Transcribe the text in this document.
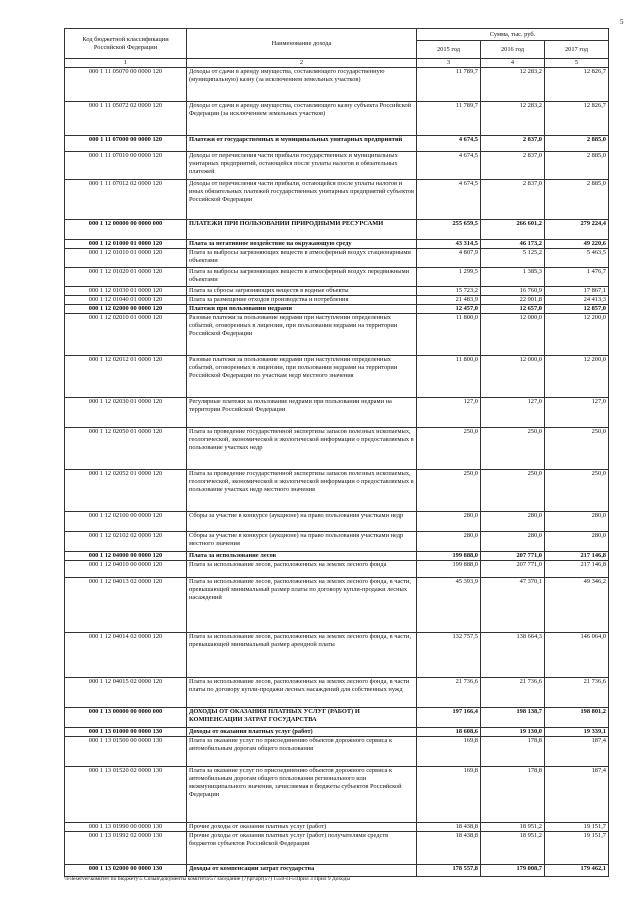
5
Код бюджетной классификации Российской Федерации	Наименование дохода	Сумма, тыс. руб.		
		2015 год	2016 год	2017 год
1	2	3	4	5
000 1 11 05070 00 0000 120	Доходы от сдачи в аренду имущества, составляющего государственную (муниципальную) казну (за исключением земельных участков)	11 789,7	12 283,2	12 826,7
000 1 11 05072 02 0000 120	Доходы от сдачи в аренду имущества, составляющего казну субъекта Российской Федерации (за исключением земельных участков)	11 789,7	12 283,2	12 826,7
000 1 11 07000 00 0000 120	Платежи от государственных и муниципальных унитарных предприятий	4 674,5	2 837,0	2 885,0
000 1 11 07010 00 0000 120	Доходы от перечисления части прибыли государственных и муниципальных унитарных предприятий, остающейся после уплаты налогов и обязательных платежей	4 674,5	2 837,0	2 885,0
000 1 11 07012 02 0000 120	Доходы от перечисления части прибыли, остающейся после уплаты налогов и иных обязательных платежей государственных унитарных предприятий субъектов Российской Федерации	4 674,5	2 837,0	2 885,0
000 1 12 00000 00 0000 000	ПЛАТЕЖИ ПРИ ПОЛЬЗОВАНИИ ПРИРОДНЫМИ РЕСУРСАМИ	255 659,5	266 601,2	279 224,4
000 1 12 01000 01 0000 120	Плата за негативное воздействие на окружающую среду	43 314,5	46 173,2	49 220,6
000 1 12 01010 01 0000 120	Плата за выбросы загрязняющих веществ в атмосферный воздух стационарными объектами	4 807,9	5 125,2	5 463,5
000 1 12 01020 01 0000 120	Плата за выбросы загрязняющих веществ в атмосферный воздух передвижными объектами	1 299,5	1 385,3	1 476,7
000 1 12 01030 01 0000 120	Плата за сбросы загрязняющих веществ в водные объекты	15 723,2	16 760,9	17 867,1
000 1 12 01040 01 0000 120	Плата за размещение отходов производства и потребления	21 483,9	22 901,8	24 413,3
000 1 12 02000 00 0000 120	Платежи при пользовании недрами	12 457,0	12 657,0	12 857,0
000 1 12 02010 01 0000 120	Разовые платежи за пользование недрами при наступлении определенных событий, оговоренных в лицензии, при пользовании недрами на территории Российской Федерации	11 800,0	12 000,0	12 200,0
000 1 12 02012 01 0000 120	Разовые платежи за пользование недрами при наступлении определенных событий, оговоренных в лицензии, при пользовании недрами на территории Российской Федерации по участкам недр местного значения	11 800,0	12 000,0	12 200,0
000 1 12 02030 01 0000 120	Регулярные платежи за пользование недрами при пользовании недрами на территории Российской Федерации	127,0	127,0	127,0
000 1 12 02050 01 0000 120	Плата за проведение государственной экспертизы запасов полезных ископаемых, геологической, экономической и экологической информации о предоставляемых в пользование участках недр	250,0	250,0	250,0
000 1 12 02052 01 0000 120	Плата за проведение государственной экспертизы запасов полезных ископаемых, геологической, экономической и экологической информации о предоставляемых в пользование участках недр местного значения	250,0	250,0	250,0
000 1 12 02100 00 0000 120	Сборы за участие в конкурсе (аукционе) на право пользования участками недр	280,0	280,0	280,0
000 1 12 02102 02 0000 120	Сборы за участие в конкурсе (аукционе) на право пользования участками недр местного значения	280,0	280,0	280,0
000 1 12 04000 00 0000 120	Плата за использование лесов	199 888,0	207 771,0	217 146,8
000 1 12 04010 00 0000 120	Плата за использование лесов, расположенных на землях лесного фонда	199 888,0	207 771,0	217 146,8
000 1 12 04013 02 0000 120	Плата за использование лесов, расположенных на землях лесного фонда, в части, превышающей минимальный размер платы по договору купли-продажи лесных насаждений	45 393,9	47 370,1	49 346,2
000 1 12 04014 02 0000 120	Плата за использование лесов, расположенных на землях лесного фонда, в части, превышающей минимальный размер арендной платы	132 757,5	138 664,3	146 064,0
000 1 12 04015 02 0000 120	Плата за использование лесов, расположенных на землях лесного фонда, в части платы по договору купли-продажи лесных насаждений для собственных нужд	21 736,6	21 736,6	21 736,6
000 1 13 00000 00 0000 000	ДОХОДЫ ОТ ОКАЗАНИЯ ПЛАТНЫХ УСЛУГ (РАБОТ) И КОМПЕНСАЦИИ ЗАТРАТ ГОСУДАРСТВА	197 166,4	198 138,7	198 801,2
000 1 13 01000 00 0000 130	Доходы от оказания платных услуг (работ)	18 608,6	19 130,0	19 339,1
000 1 13 01500 00 0000 130	Плата за оказание услуг по присоединению объектов дорожного сервиса к автомобильным дорогам общего пользования	169,8	178,8	187,4
000 1 13 01520 02 0000 130	Плата за оказание услуг по присоединению объектов дорожного сервиса к автомобильным дорогам общего пользования регионального или межмуниципального значения, зачисляемая в бюджеты субъектов Российской Федерации	169,8	178,8	187,4
000 1 13 01990 00 0000 130	Прочие доходы от оказания платных услуг (работ)	18 438,8	18 951,2	19 151,7
000 1 13 01992 02 0000 130	Прочие доходы от оказания платных услуг (работ) получателями средств бюджетов субъектов Российской Федерации	18 438,8	18 951,2	19 151,7
000 1 13 02000 00 0000 130	Доходы от компенсации затрат государства	178 557,8	179 008,7	179 462,1
\\Fileserver\комитет по бюджету\5 Созыв\документы комитета\57 заседание (7)\pr\zpr(57) 1550-П-5\Прил 3 Прил 9 Доходы
